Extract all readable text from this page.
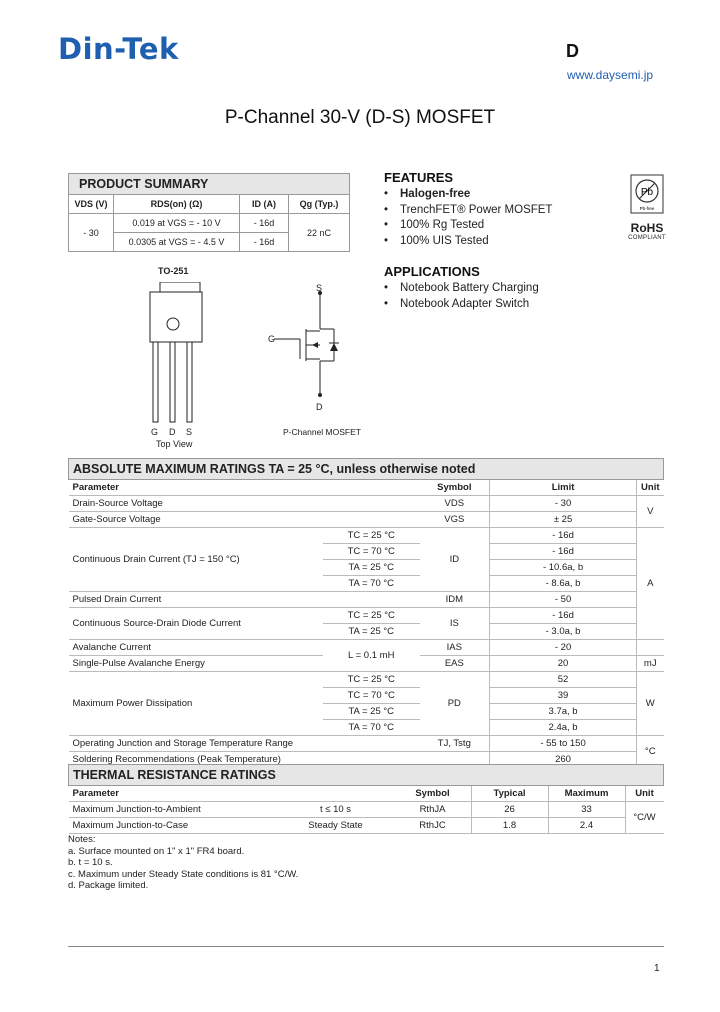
Din-Tek	D
www.daysemi.jp
P-Channel 30-V (D-S) MOSFET
PRODUCT SUMMARY			
VDS (V)	RDS(on) (Ω)	ID (A)	Qg (Typ.)
- 30	0.019 at VGS = - 10 V	- 16d	22 nC
	0.0305 at VGS = - 4.5 V	- 16d	
FEATURES
• Halogen-free
• TrenchFET® Power MOSFET
• 100% Rg Tested
• 100% UIS Tested
APPLICATIONS
• Notebook Battery Charging
• Notebook Adapter Switch
Pb
Pb-free
RoHS
COMPLIANT
TO-251
G D S
Top View
S
G
D
P-Channel MOSFET
ABSOLUTE MAXIMUM RATINGS TA = 25 °C, unless otherwise noted				
Parameter		Symbol	Limit	Unit
Drain-Source Voltage		VDS	- 30	V
Gate-Source Voltage		VGS	± 25	
Continuous Drain Current (TJ = 150 °C)	TC = 25 °C	ID	- 16d	A
	TC = 70 °C		- 16d	
	TA = 25 °C		- 10.6a, b	
	TA = 70 °C		- 8.6a, b	
Pulsed Drain Current		IDM	- 50	
Continuous Source-Drain Diode Current	TC = 25 °C	IS	- 16d	
	TA = 25 °C		- 3.0a, b	
Avalanche Current	L = 0.1 mH	IAS	- 20	
Single-Pulse Avalanche Energy		EAS	20	mJ
Maximum Power Dissipation	TC = 25 °C	PD	52	W
	TC = 70 °C		39	
	TA = 25 °C		3.7a, b	
	TA = 70 °C		2.4a, b	
Operating Junction and Storage Temperature Range		TJ, Tstg	- 55 to 150	°C
Soldering Recommendations (Peak Temperature)			260	
THERMAL RESISTANCE RATINGS					
Parameter		Symbol	Typical	Maximum	Unit
Maximum Junction-to-Ambient	t ≤ 10 s	RthJA	26	33	°C/W
Maximum Junction-to-Case	Steady State	RthJC	1.8	2.4	
Notes:
a. Surface mounted on 1" x 1" FR4 board.
b. t = 10 s.
c. Maximum under Steady State conditions is 81 °C/W.
d. Package limited.
1
